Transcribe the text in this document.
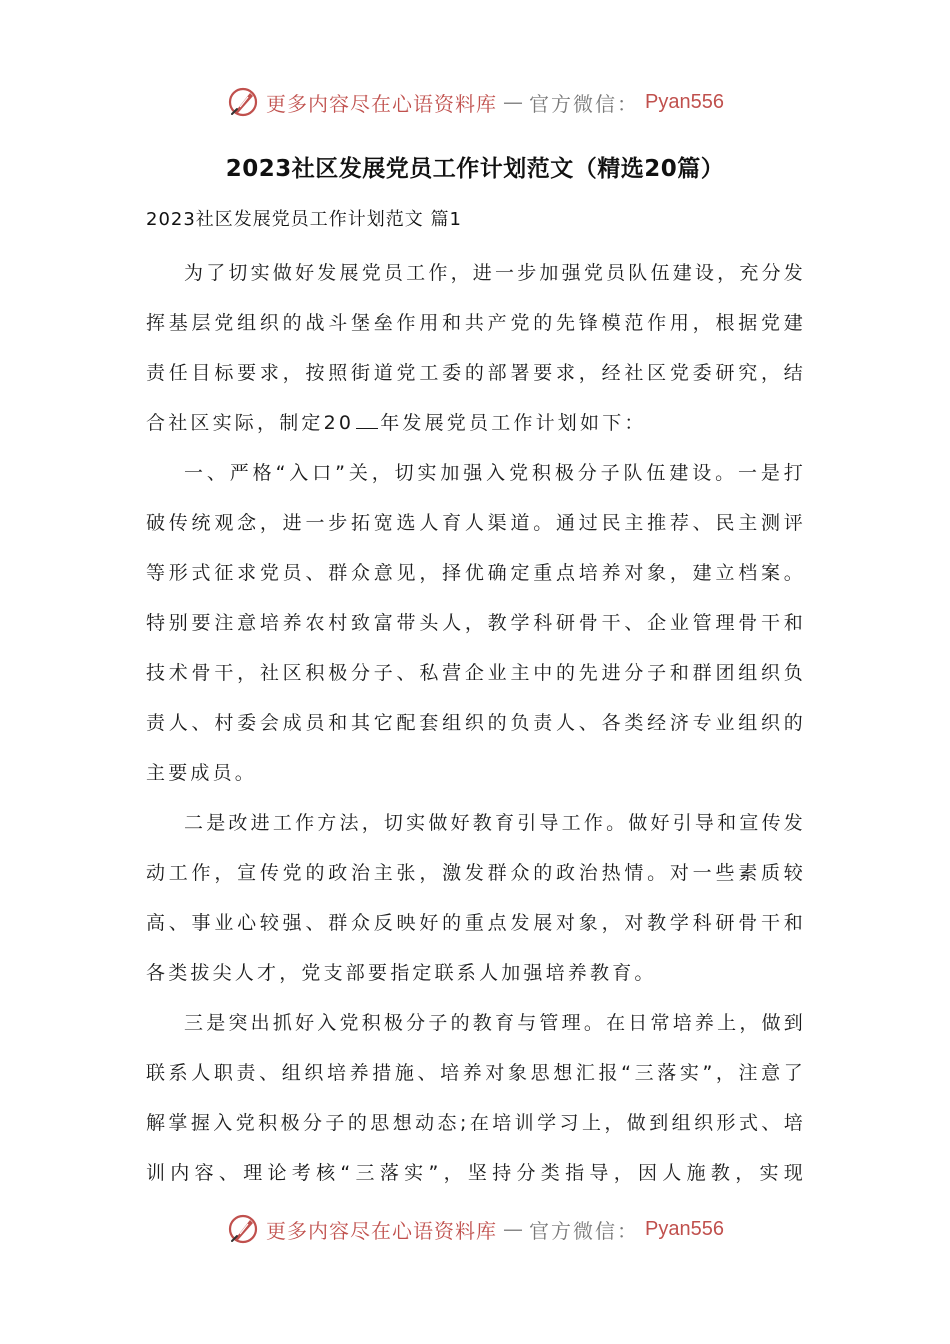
更多内容尽在心语资料库 — 官方微信： Pyan556
2023社区发展党员工作计划范文（精选20篇）
2023社区发展党员工作计划范文 篇1

为了切实做好发展党员工作，进一步加强党员队伍建设，充分发挥基层党组织的战斗堡垒作用和共产党的先锋模范作用，根据党建责任目标要求，按照街道党工委的部署要求，经社区党委研究，结合社区实际，制定20 年发展党员工作计划如下：

一、严格“入口”关，切实加强入党积极分子队伍建设。一是打破传统观念，进一步拓宽选人育人渠道。通过民主推荐、民主测评等形式征求党员、群众意见，择优确定重点培养对象，建立档案。特别要注意培养农村致富带头人，教学科研骨干、企业管理骨干和技术骨干，社区积极分子、私营企业主中的先进分子和群团组织负责人、村委会成员和其它配套组织的负责人、各类经济专业组织的主要成员。

二是改进工作方法，切实做好教育引导工作。做好引导和宣传发动工作，宣传党的政治主张，激发群众的政治热情。对一些素质较高、事业心较强、群众反映好的重点发展对象，对教学科研骨干和各类拔尖人才，党支部要指定联系人加强培养教育。

三是突出抓好入党积极分子的教育与管理。在日常培养上，做到联系人职责、组织培养措施、培养对象思想汇报“三落实”，注意了解掌握入党积极分子的思想动态;在培训学习上，做到组织形式、培训内容、理论考核“三落实”，坚持分类指导，因人施教，实现

更多内容尽在心语资料库 — 官方微信： Pyan556
